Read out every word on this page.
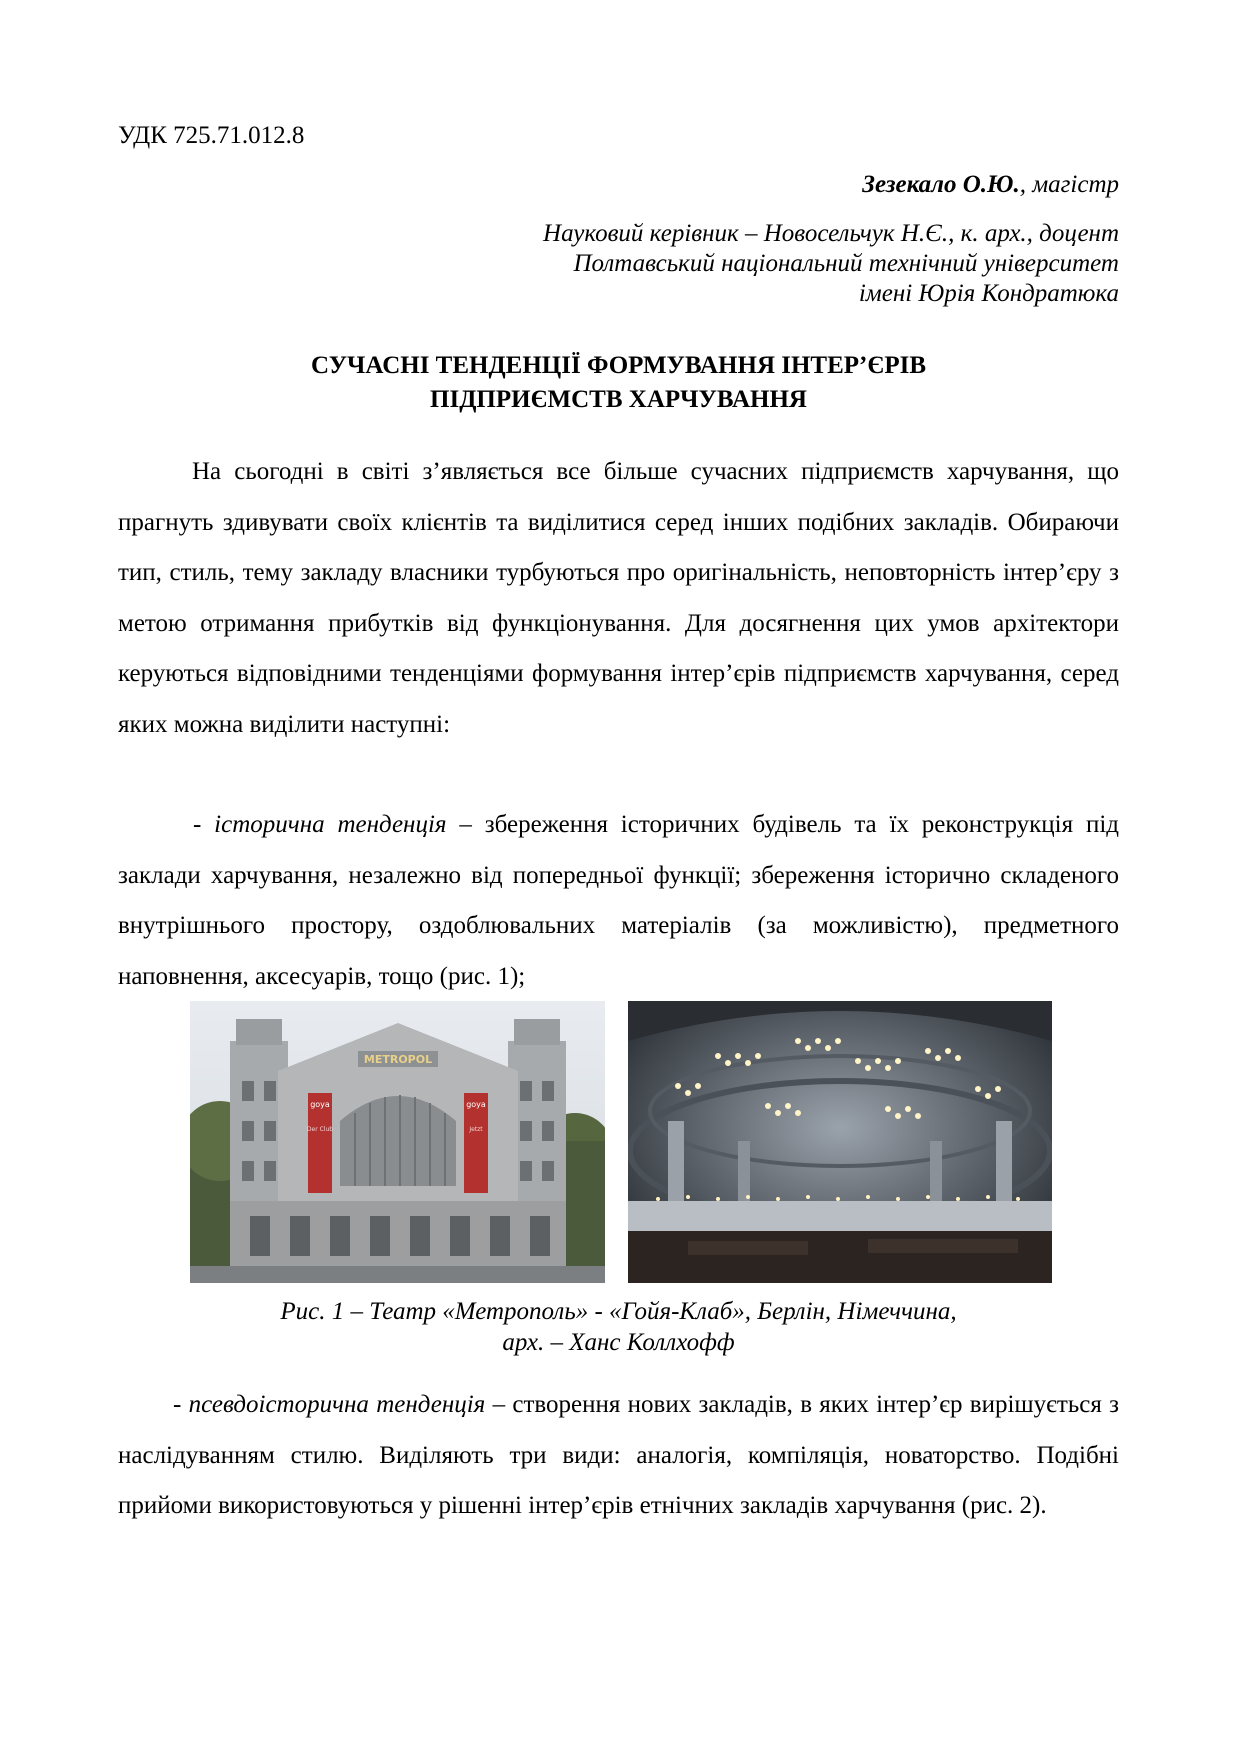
УДК 725.71.012.8
Зезекало О.Ю., магістр
Науковий керівник – Новосельчук Н.Є., к. арх., доцент
Полтавський національний технічний університет
імені Юрія Кондратюка
СУЧАСНІ ТЕНДЕНЦІЇ ФОРМУВАННЯ ІНТЕР’ЄРІВ
ПІДПРИЄМСТВ ХАРЧУВАННЯ
На сьогодні в світі з’являється все більше сучасних підприємств харчування, що прагнуть здивувати своїх клієнтів та виділитися серед інших подібних закладів. Обираючи тип, стиль, тему закладу власники турбуються про оригінальність, неповторність інтер’єру з метою отримання прибутків від функціонування. Для досягнення цих умов архітектори керуються відповідними тенденціями формування інтер’єрів підприємств харчування, серед яких можна виділити наступні:
- історична тенденція – збереження історичних будівель та їх реконструкція під заклади харчування, незалежно від попередньої функції; збереження історично складеного внутрішнього простору, оздоблювальних матеріалів (за можливістю), предметного наповнення, аксесуарів, тощо (рис. 1);
METROPOL
goya	goya
Der Club	Jetzt
Рис. 1 – Театр «Метрополь» - «Гойя-Клаб», Берлін, Німеччина,
арх. – Ханс Коллхофф
- псевдоісторична тенденція – створення нових закладів, в яких інтер’єр вирішується з наслідуванням стилю. Виділяють три види: аналогія, компіляція, новаторство. Подібні прийоми використовуються у рішенні інтер’єрів етнічних закладів харчування (рис. 2).
